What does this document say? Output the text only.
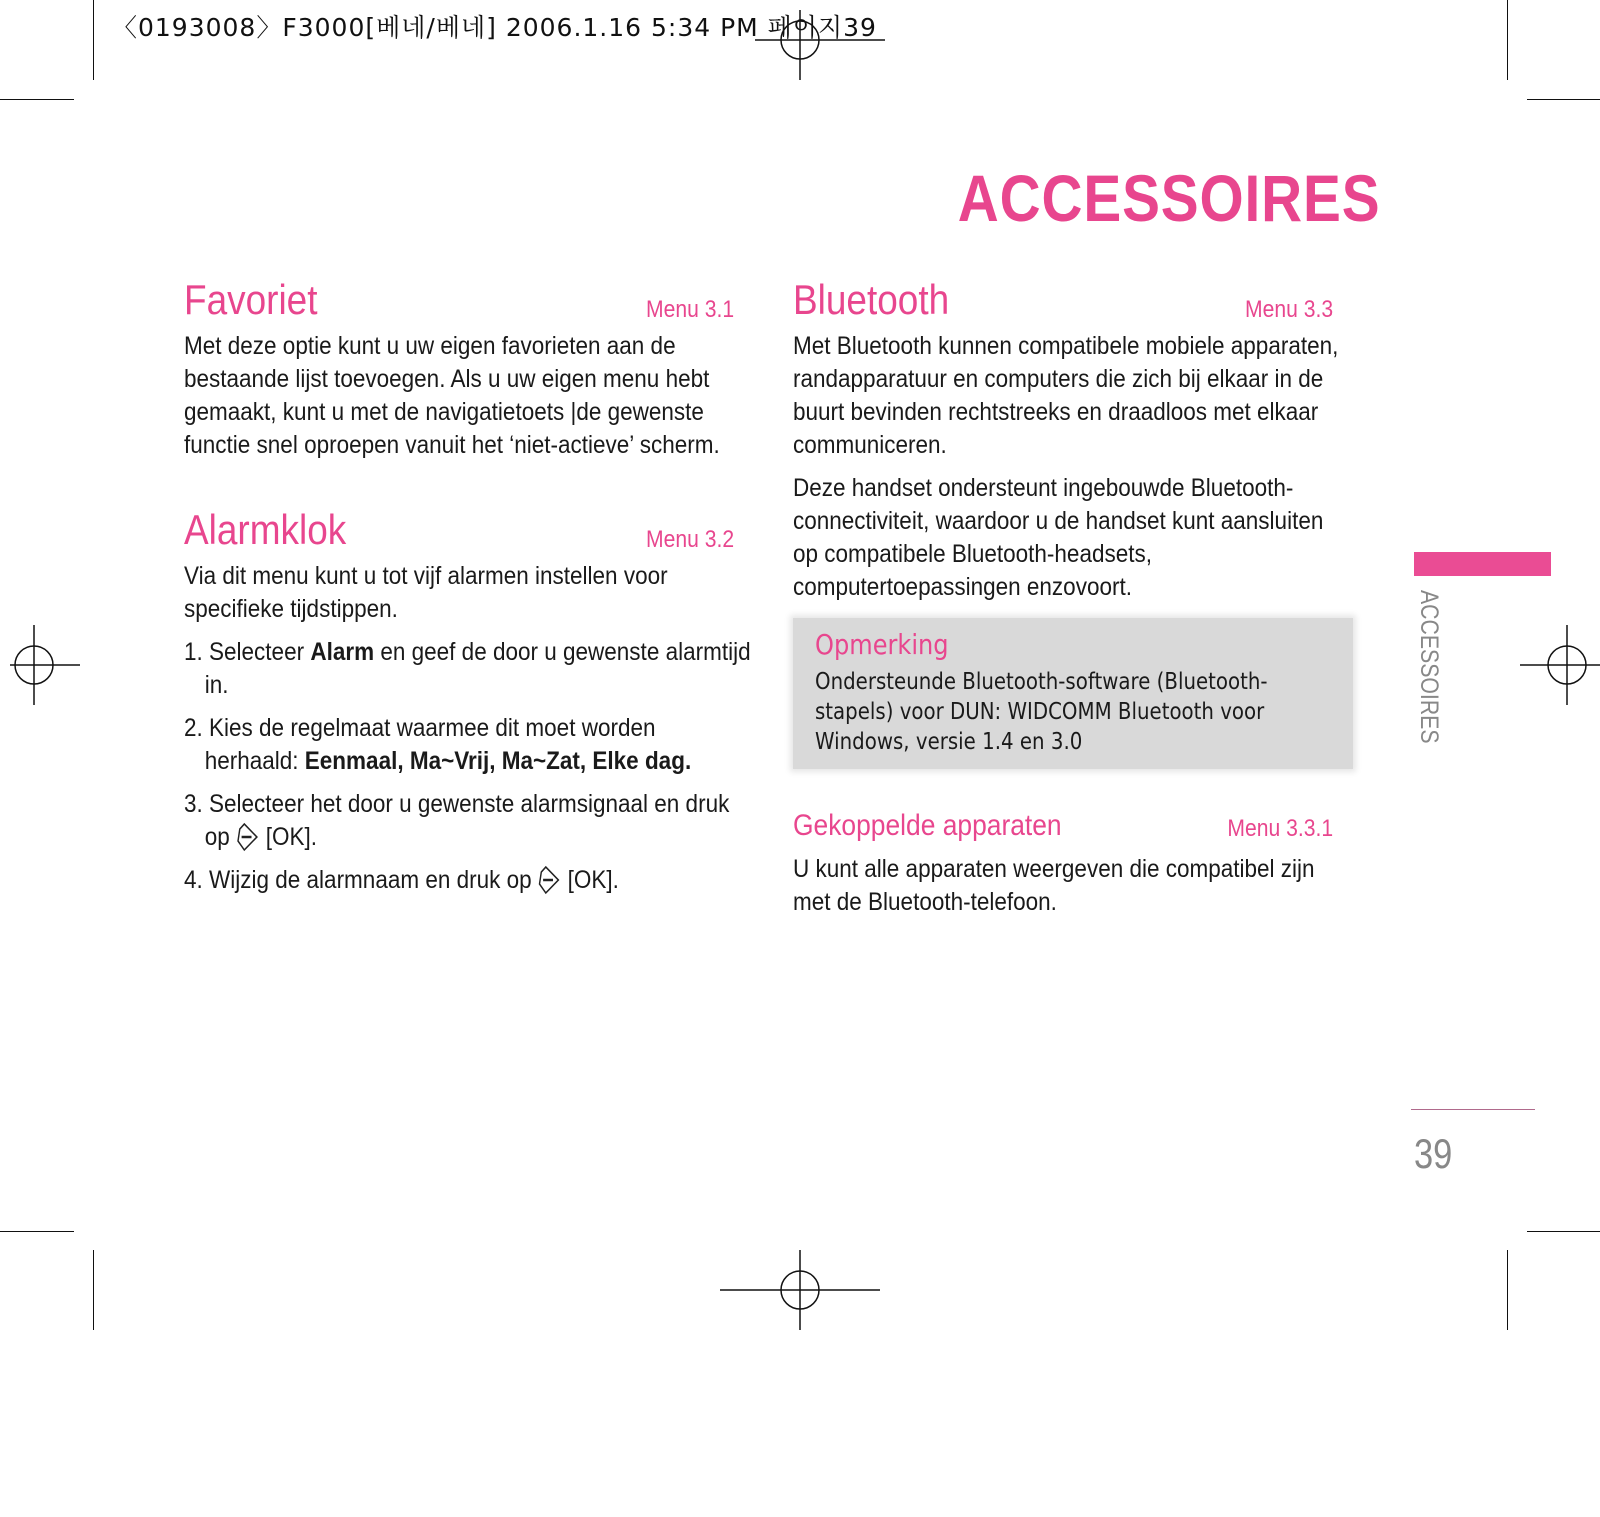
〈0193008〉F3000[베네/베네] 2006.1.16 5:34 PM 페이지39
ACCESSOIRES
Favoriet	Menu 3.1

Met deze optie kunt u uw eigen favorieten aan de bestaande lijst toevoegen. Als u uw eigen menu hebt gemaakt, kunt u met de navigatietoets |de gewenste functie snel oproepen vanuit het ‘niet-actieve’ scherm.

Alarmklok	Menu 3.2

Via dit menu kunt u tot vijf alarmen instellen voor specifieke tijdstippen.

1. Selecteer Alarm en geef de door u gewenste alarmtijd in.
2. Kies de regelmaat waarmee dit moet worden herhaald: Eenmaal, Ma~Vrij, Ma~Zat, Elke dag.
3. Selecteer het door u gewenste alarmsignaal en druk op [OK].
4. Wijzig de alarmnaam en druk op [OK].
Bluetooth	Menu 3.3

Met Bluetooth kunnen compatibele mobiele apparaten, randapparatuur en computers die zich bij elkaar in de buurt bevinden rechtstreeks en draadloos met elkaar communiceren.

Deze handset ondersteunt ingebouwde Bluetooth-connectiviteit, waardoor u de handset kunt aansluiten op compatibele Bluetooth-headsets, computertoepassingen enzovoort.

Opmerking
Ondersteunde Bluetooth-software (Bluetooth-stapels) voor DUN: WIDCOMM Bluetooth voor Windows, versie 1.4 en 3.0
Gekoppelde apparaten	Menu 3.3.1

U kunt alle apparaten weergeven die compatibel zijn met de Bluetooth-telefoon.

ACCESSOIRES
39
